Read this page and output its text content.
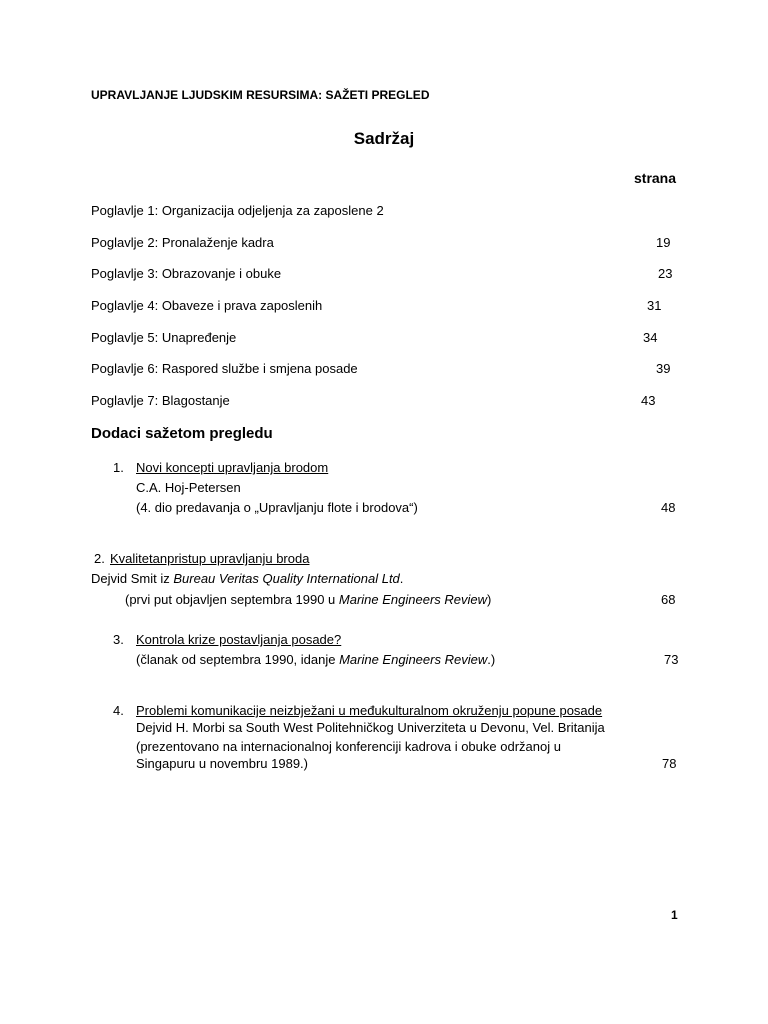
UPRAVLJANJE LJUDSKIM RESURSIMA: SAŽETI PREGLED
Sadržaj
strana
Poglavlje 1: Organizacija odjeljenja za zaposlene 2
Poglavlje 2: Pronalaženje kadra	19
Poglavlje 3: Obrazovanje i obuke	23
Poglavlje 4: Obaveze i prava zaposlenih	31
Poglavlje 5: Unapređenje	34
Poglavlje 6: Raspored službe i smjena posade	39
Poglavlje 7: Blagostanje	43
Dodaci sažetom pregledu
1. Novi koncepti upravljanja brodom
C.A. Hoj-Petersen
(4. dio predavanja o „Upravljanju flote i brodova“)	48
2. Kvalitetanpristup upravljanju broda
Dejvid Smit iz Bureau Veritas Quality International Ltd.
(prvi put objavljen septembra 1990 u Marine Engineers Review)	68
3. Kontrola krize postavljanja posade?
(članak od septembra 1990, idanje Marine Engineers Review.)	73
4. Problemi komunikacije neizbježani u međukulturalnom okruženju popune posade
Dejvid H. Morbi sa South West Politehničkog Univerziteta u Devonu, Vel. Britanija
(prezentovano na internacionalnoj konferenciji kadrova i obuke održanoj u
Singapuru u novembru 1989.)	78
1
